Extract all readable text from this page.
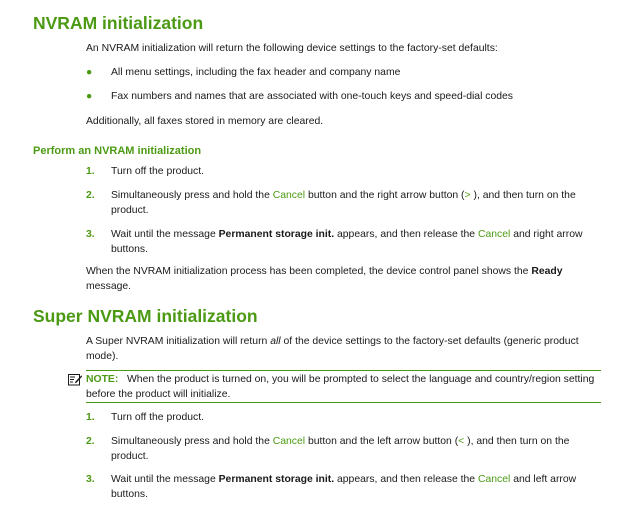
NVRAM initialization

An NVRAM initialization will return the following device settings to the factory-set defaults:

● All menu settings, including the fax header and company name
● Fax numbers and names that are associated with one-touch keys and speed-dial codes

Additionally, all faxes stored in memory are cleared.

Perform an NVRAM initialization
1. Turn off the product.
2. Simultaneously press and hold the Cancel button and the right arrow button (> ), and then turn on the product.
3. Wait until the message Permanent storage init. appears, and then release the Cancel and right arrow buttons.

When the NVRAM initialization process has been completed, the device control panel shows the Ready message.

Super NVRAM initialization

A Super NVRAM initialization will return all of the device settings to the factory-set defaults (generic product mode).

NOTE: When the product is turned on, you will be prompted to select the language and country/region setting before the product will initialize.
1. Turn off the product.
2. Simultaneously press and hold the Cancel button and the left arrow button (< ), and then turn on the product.
3. Wait until the message Permanent storage init. appears, and then release the Cancel and left arrow buttons.
